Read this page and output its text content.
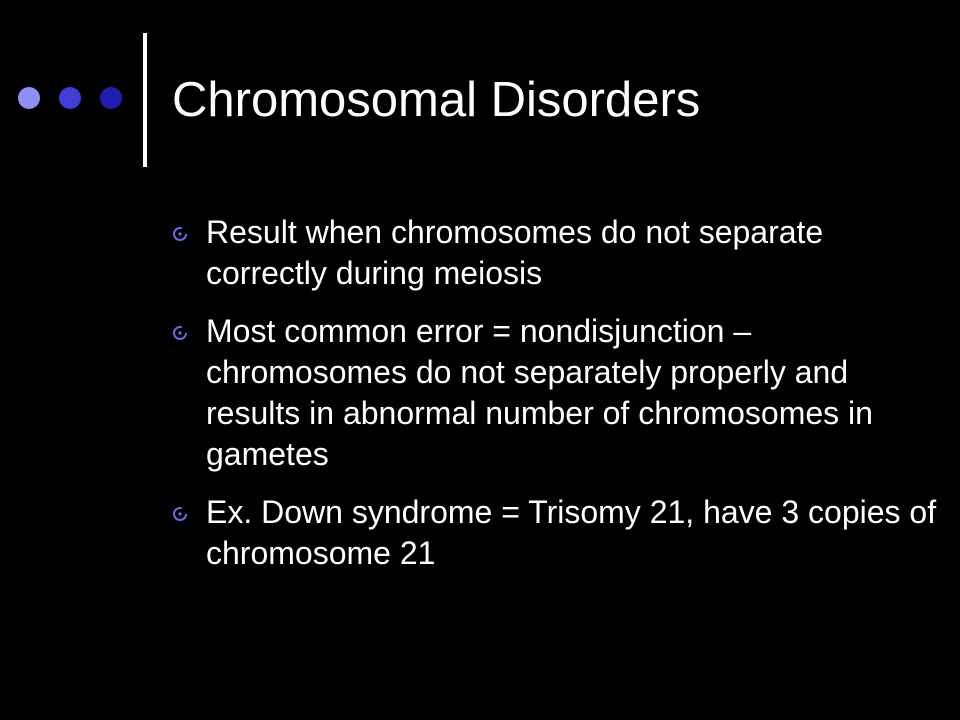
Chromosomal Disorders
Result when chromosomes do not separate correctly during meiosis
Most common error = nondisjunction – chromosomes do not separately properly and results in abnormal number of chromosomes in gametes
Ex. Down syndrome = Trisomy 21, have 3 copies of chromosome 21
